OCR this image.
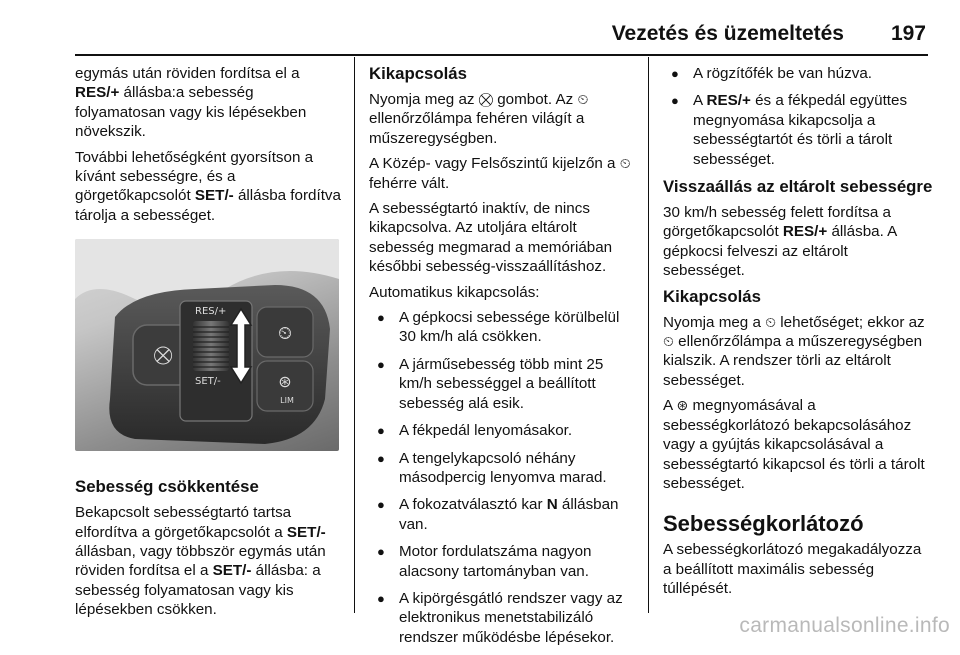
Vezetés és üzemeltetés 197

egymás után röviden fordítsa el a RES/+ állásba:a sebesség folyamatosan vagy kis lépésekben növekszik.

További lehetőségként gyorsítson a kívánt sebességre, és a görgetőkapcsolót SET/- állásba fordítva tárolja a sebességet.

⛒
RES/+
SET/-
⏲
⊛
LIM
Sebesség csökkentése

Bekapcsolt sebességtartó tartsa elfordítva a görgetőkapcsolót a SET/- állásban, vagy többször egymás után röviden fordítsa el a SET/- állásba: a sebesség folyamatosan vagy kis lépésekben csökken.

Kikapcsolás

Nyomja meg az ⛒ gombot. Az ⏲ ellenőrzőlámpa fehéren világít a műszeregységben.

A Közép- vagy Felsőszintű kijelzőn a ⏲ fehérre vált.

A sebességtartó inaktív, de nincs kikapcsolva. Az utoljára eltárolt sebesség megmarad a memóriában későbbi sebesség-visszaállításhoz.

Automatikus kikapcsolás:

● A gépkocsi sebessége körülbelül 30 km/h alá csökken.
● A járműsebesség több mint 25 km/h sebességgel a beállított sebesség alá esik.
● A fékpedál lenyomásakor.
● A tengelykapcsoló néhány másodpercig lenyomva marad.
● A fokozatválasztó kar N állásban van.
● Motor fordulatszáma nagyon alacsony tartományban van.
● A kipörgésgátló rendszer vagy az elektronikus menetstabilizáló rendszer működésbe lépésekor.
● A rögzítőfék be van húzva.
● A RES/+ és a fékpedál együttes megnyomása kikapcsolja a sebességtartót és törli a tárolt sebességet.
Visszaállás az eltárolt sebességre

30 km/h sebesség felett fordítsa a görgetőkapcsolót RES/+ állásba. A gépkocsi felveszi az eltárolt sebességet.

Kikapcsolás

Nyomja meg a ⏲ lehetőséget; ekkor az ⏲ ellenőrzőlámpa a műszeregységben kialszik. A rendszer törli az eltárolt sebességet.

A ⊛ megnyomásával a sebességkorlátozó bekapcsolásához vagy a gyújtás kikapcsolásával a sebességtartó kikapcsol és törli a tárolt sebességet.

Sebességkorlátozó

A sebességkorlátozó megakadályozza a beállított maximális sebesség túllépését.

carmanualsonline.info
